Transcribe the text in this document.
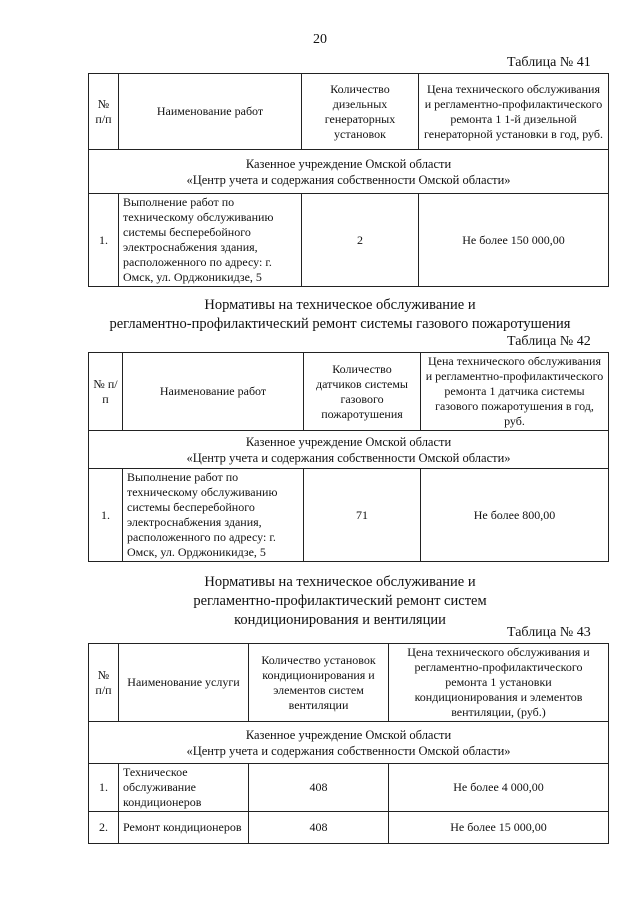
20
Таблица № 41
№ п/п	Наименование работ	Количество дизельных генераторных установок	Цена технического обслуживания и регламентно-профилактического ремонта 1 1-й дизельной генераторной установки в год, руб.

Казенное учреждение Омской области
«Центр учета и содержания собственности Омской области»			

1.	Выполнение работ по техническому обслуживанию системы бесперебойного электроснабжения здания, расположенного по адресу: г. Омск, ул. Орджоникидзе, 5	2	Не более 150 000,00
Нормативы на техническое обслуживание и
регламентно-профилактический ремонт системы газового пожаротушения
Таблица № 42
№ п/п	Наименование работ	Количество датчиков системы газового пожаротушения	Цена технического обслуживания и регламентно-профилактического ремонта 1 датчика системы газового пожаротушения в год, руб.

Казенное учреждение Омской области
«Центр учета и содержания собственности Омской области»			

1.	Выполнение работ по техническому обслуживанию системы бесперебойного электроснабжения здания, расположенного по адресу: г. Омск, ул. Орджоникидзе, 5	71	Не более 800,00
Нормативы на техническое обслуживание и
регламентно-профилактический ремонт систем
кондиционирования и вентиляции
Таблица № 43
№ п/п	Наименование услуги	Количество установок кондиционирования и элементов систем вентиляции	Цена технического обслуживания и регламентно-профилактического ремонта 1 установки кондиционирования и элементов вентиляции, (руб.)

Казенное учреждение Омской области
«Центр учета и содержания собственности Омской области»			

1.	Техническое обслуживание кондиционеров	408	Не более 4 000,00
2.	Ремонт кондиционеров	408	Не более 15 000,00
